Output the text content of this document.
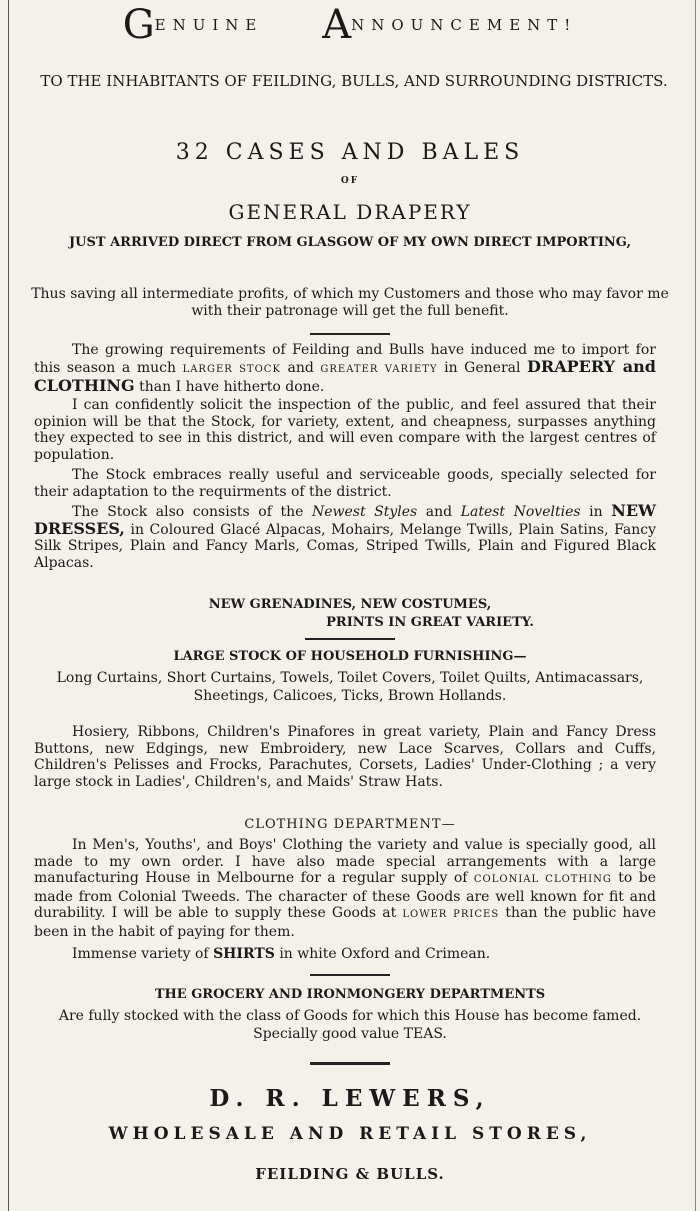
GENUINE ANNOUNCEMENT!
TO THE INHABITANTS OF FEILDING, BULLS, AND SURROUNDING DISTRICTS.
32 CASES AND BALES
OF
GENERAL DRAPERY
JUST ARRIVED DIRECT FROM GLASGOW OF MY OWN DIRECT IMPORTING,
Thus saving all intermediate profits, of which my Customers and those who may favor me with their patronage will get the full benefit.
The growing requirements of Feilding and Bulls have induced me to import for this season a much LARGER STOCK and GREATER VARIETY in General DRAPERY and CLOTHING than I have hitherto done.
I can confidently solicit the inspection of the public, and feel assured that their opinion will be that the Stock, for variety, extent, and cheapness, surpasses anything they expected to see in this district, and will even compare with the largest centres of population.
The Stock embraces really useful and serviceable goods, specially selected for their adaptation to the requirments of the district.
The Stock also consists of the Newest Styles and Latest Novelties in NEW DRESSES, in Coloured Glacé Alpacas, Mohairs, Melange Twills, Plain Satins, Fancy Silk Stripes, Plain and Fancy Marls, Comas, Striped Twills, Plain and Figured Black Alpacas.
NEW GRENADINES, NEW COSTUMES,
PRINTS IN GREAT VARIETY.
LARGE STOCK OF HOUSEHOLD FURNISHING—
Long Curtains, Short Curtains, Towels, Toilet Covers, Toilet Quilts, Antimacassars, Sheetings, Calicoes, Ticks, Brown Hollands.
Hosiery, Ribbons, Children's Pinafores in great variety, Plain and Fancy Dress Buttons, new Edgings, new Embroidery, new Lace Scarves, Collars and Cuffs, Children's Pelisses and Frocks, Parachutes, Corsets, Ladies' Under-Clothing ; a very large stock in Ladies', Children's, and Maids' Straw Hats.
CLOTHING DEPARTMENT—
In Men's, Youths', and Boys' Clothing the variety and value is specially good, all made to my own order. I have also made special arrangements with a large manufacturing House in Melbourne for a regular supply of COLONIAL CLOTHING to be made from Colonial Tweeds. The character of these Goods are well known for fit and durability. I will be able to supply these Goods at LOWER PRICES than the public have been in the habit of paying for them.
Immense variety of SHIRTS in white Oxford and Crimean.
THE GROCERY AND IRONMONGERY DEPARTMENTS
Are fully stocked with the class of Goods for which this House has become famed. Specially good value TEAS.
D. R. LEWERS,
WHOLESALE AND RETAIL STORES,
FEILDING & BULLS.
